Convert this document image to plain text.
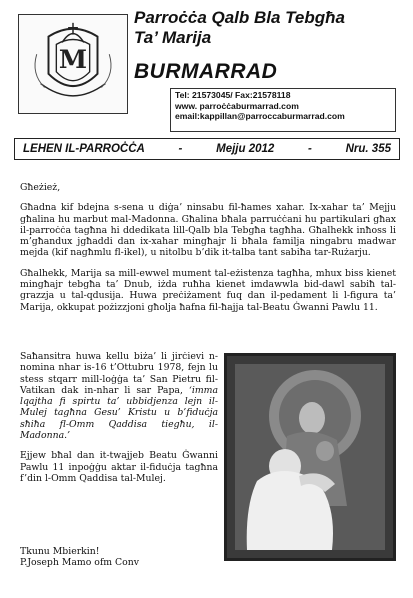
M
Parroċċa Qalb Bla Tebgħa
Ta’ Marija
BURMARRAD
Tel: 21573045/ Fax:21578118
www. parroċċaburmarrad.com
email:kappillan@parroccaburmarrad.com
LEHEN IL-PARROĊĊA	-	Mejju 2012	-	Nru. 355

Għeżież,

Għadna kif bdejna s-sena u diġa’ ninsabu fil-ħames xahar. Ix-xahar ta’ Mejju għalina hu marbut mal-Madonna. Għalina bħala parruċċani hu partikulari għax il-parroċċa tagħna hi ddedikata lill-Qalb bla Tebgħa tagħha. Għalhekk inħoss li m’għandux jgħaddi dan ix-xahar mingħajr li bħala familja ningabru madwar mejda (kif nagħmlu fl-ikel), u nitolbu b’dik it-talba tant sabiħa tar-Rużarju.

Għalhekk, Marija sa mill-ewwel mument tal-eżistenza tagħha, mhux biss kienet mingħajr tebgħa ta’ Dnub, iżda ruħha kienet imdawwla bid-dawl sabiħ tal-grazzja u tal-qdusija. Huwa preċiżament fuq dan il-pedament li l-figura ta’ Marija, okkupat pożizzjoni għolja ħafna fil-ħajja tal-Beatu Ġwanni Pawlu 11.

Saħansitra huwa kellu biża’ li jirċievi n-nomina nhar is-16 t’Ottubru 1978, fejn lu stess stqarr mill-loġġa ta’ San Pietru fil-Vatikan dak in-nhar li sar Papa, ‘imma lqajtha fi spirtu ta’ ubbidjenza lejn il-Mulej tagħna Gesu’ Kristu u b’fiduċja sħiħa fl-Omm Qaddisa tiegħu, il-Madonna.’

Ejjew bħal dan it-twajjeb Beatu Ġwanni Pawlu 11 inpoġġu aktar il-fiduċja tagħna f’din l-Omm Qaddisa tal-Mulej.

Tkunu Mbierkin!
P.Joseph Mamo ofm Conv
